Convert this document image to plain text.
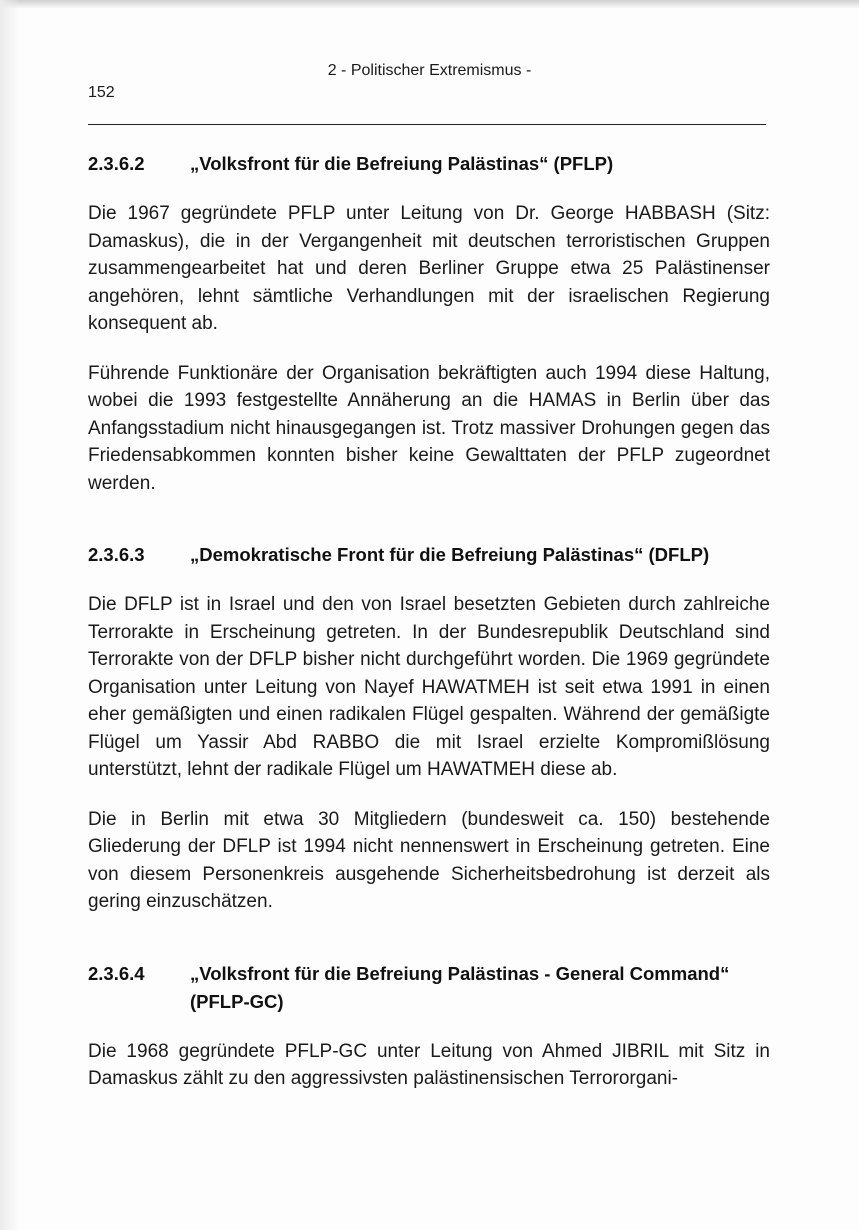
2 - Politischer Extremismus -
152
2.3.6.2	„Volksfront für die Befreiung Palästinas“ (PFLP)

Die 1967 gegründete PFLP unter Leitung von Dr. George HABBASH (Sitz: Damaskus), die in der Vergangenheit mit deutschen terroristischen Gruppen zusammengearbeitet hat und deren Berliner Gruppe etwa 25 Palästinenser angehören, lehnt sämtliche Verhandlungen mit der israelischen Regierung konsequent ab.

Führende Funktionäre der Organisation bekräftigten auch 1994 diese Haltung, wobei die 1993 festgestellte Annäherung an die HAMAS in Berlin über das Anfangsstadium nicht hinausgegangen ist. Trotz massiver Drohungen gegen das Friedensabkommen konnten bisher keine Gewalttaten der PFLP zugeordnet werden.

2.3.6.3	„Demokratische Front für die Befreiung Palästinas“ (DFLP)

Die DFLP ist in Israel und den von Israel besetzten Gebieten durch zahlreiche Terrorakte in Erscheinung getreten. In der Bundesrepublik Deutschland sind Terrorakte von der DFLP bisher nicht durchgeführt worden. Die 1969 gegründete Organisation unter Leitung von Nayef HAWATMEH ist seit etwa 1991 in einen eher gemäßigten und einen radikalen Flügel gespalten. Während der gemäßigte Flügel um Yassir Abd RABBO die mit Israel erzielte Kompromißlösung unterstützt, lehnt der radikale Flügel um HAWATMEH diese ab.

Die in Berlin mit etwa 30 Mitgliedern (bundesweit ca. 150) bestehende Gliederung der DFLP ist 1994 nicht nennenswert in Erscheinung getreten. Eine von diesem Personenkreis ausgehende Sicherheitsbedrohung ist derzeit als gering einzuschätzen.

2.3.6.4	„Volksfront für die Befreiung Palästinas - General Command“ (PFLP-GC)

Die 1968 gegründete PFLP-GC unter Leitung von Ahmed JIBRIL mit Sitz in Damaskus zählt zu den aggressivsten palästinensischen Terrororgani-
